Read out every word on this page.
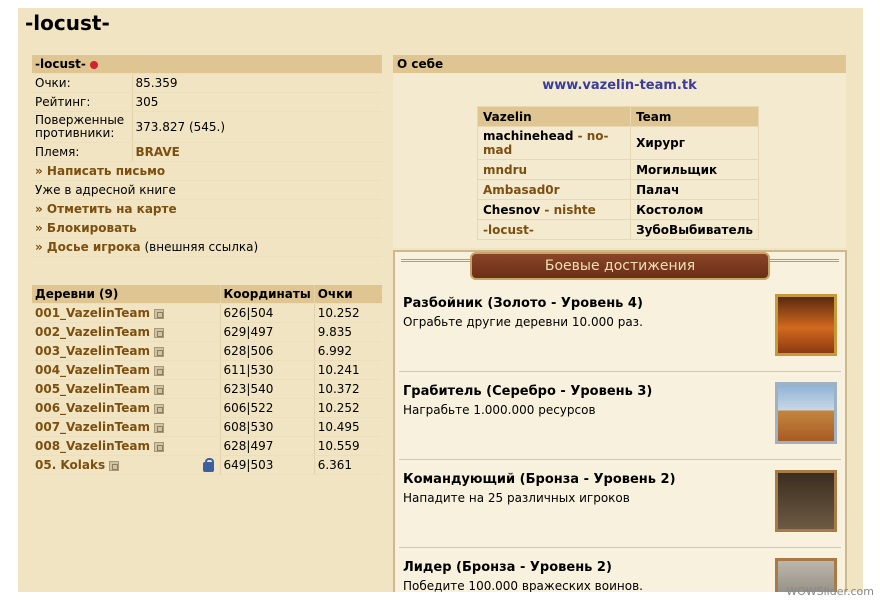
-locust-
-locust-	
Очки:	85.359
Рейтинг:	305
Поверженные противники:	373.827 (545.)
Племя:	BRAVE
» Написать письмо	
Уже в адресной книге	
» Отметить на карте	
» Блокировать	
» Досье игрока (внешняя ссылка)	
Деревни (9)	Координаты	Очки
001_VazelinTeam	626|504	10.252
002_VazelinTeam	629|497	9.835
003_VazelinTeam	628|506	6.992
004_VazelinTeam	611|530	10.241
005_VazelinTeam	623|540	10.372
006_VazelinTeam	606|522	10.252
007_VazelinTeam	608|530	10.495
008_VazelinTeam	628|497	10.559
05. Kolaks	649|503	6.361
О себе
www.vazelin-team.tk
Vazelin	Team
machinehead - no-mad	Хирург
mndru	Могильщик
Ambasad0r	Палач
Chesnov - nishte	Костолом
-locust-	ЗубоВыбиватель
Боевые достижения
Разбойник (Золото - Уровень 4)
Ограбьте другие деревни 10.000 раз.
Грабитель (Серебро - Уровень 3)
Награбьте 1.000.000 ресурсов
Командующий (Бронза - Уровень 2)
Нападите на 25 различных игроков
Лидер (Бронза - Уровень 2)
Победите 100.000 вражеских воинов.	WOWSlider.com
